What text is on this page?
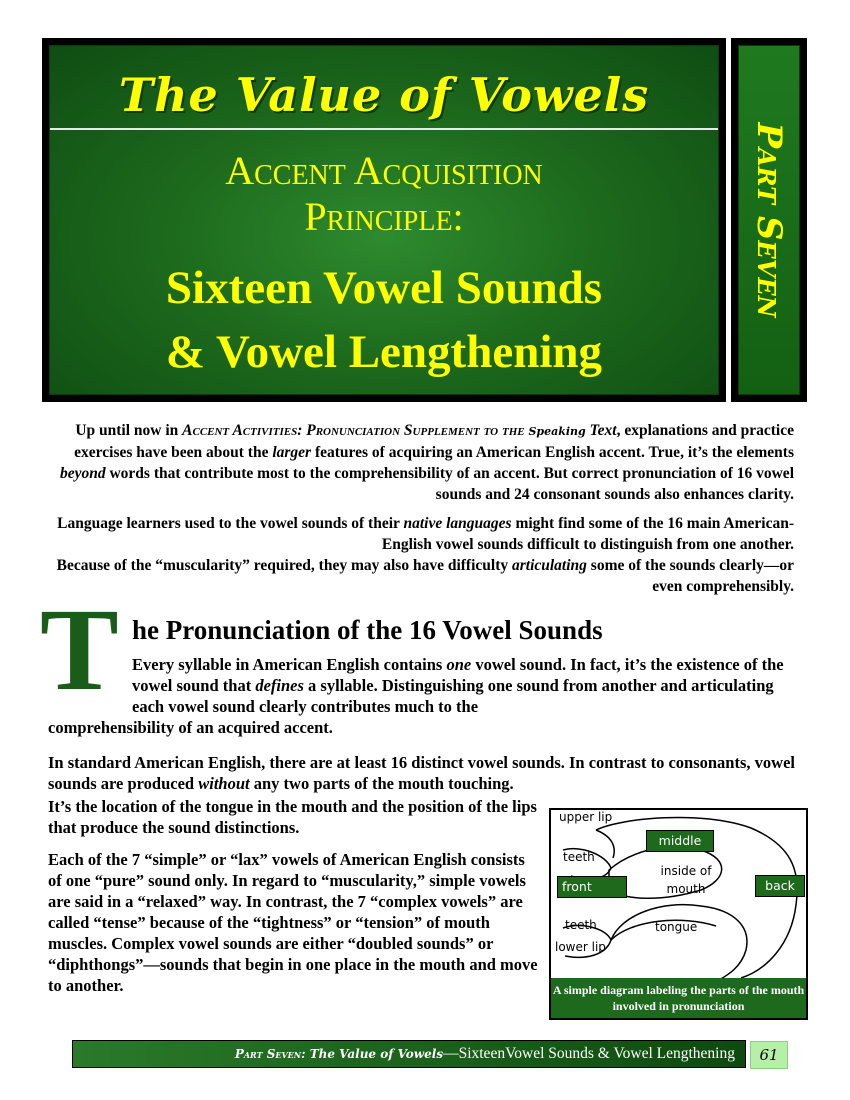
The Value of Vowels
Accent Acquisition
Principle:
Sixteen Vowel Sounds
& Vowel Lengthening
Part Seven
Up until now in Accent Activities: Pronunciation Supplement to the Speaking Text, explanations and practice exercises have been about the larger features of acquiring an American English accent. True, it’s the elements beyond words that contribute most to the comprehensibility of an accent. But correct pronunciation of 16 vowel sounds and 24 consonant sounds also enhances clarity.
Language learners used to the vowel sounds of their native languages might find some of the 16 main American-English vowel sounds difficult to distinguish from one another.
Because of the “muscularity” required, they may also have difficulty articulating some of the sounds clearly—or even comprehensibly.
T he Pronunciation of the 16 Vowel Sounds
Every syllable in American English contains one vowel sound. In fact, it’s the existence of the vowel sound that defines a syllable. Distinguishing one sound from another and articulating each vowel sound clearly contributes much to the
comprehensibility of an acquired accent.
In standard American English, there are at least 16 distinct vowel sounds. In contrast to consonants, vowel sounds are produced without any two parts of the mouth touching.
It’s the location of the tongue in the mouth and the position of the lips that produce the sound distinctions.
Each of the 7 “simple” or “lax” vowels of American English consists of one “pure” sound only. In regard to “muscularity,” simple vowels are said in a “relaxed” way. In contrast, the 7 “complex vowels” are called “tense” because of the “tightness” or “tension” of mouth muscles. Complex vowel sounds are either “doubled sounds” or “diphthongs”—sounds that begin in one place in the mouth and move to another.
upper lip
teeth
middle
inside of mouth
front	back
teeth	tongue
lower lip
A simple diagram labeling the parts of the mouth involved in pronunciation
Part Seven: The Value of Vowels—SixteenVowel Sounds & Vowel Lengthening	61
